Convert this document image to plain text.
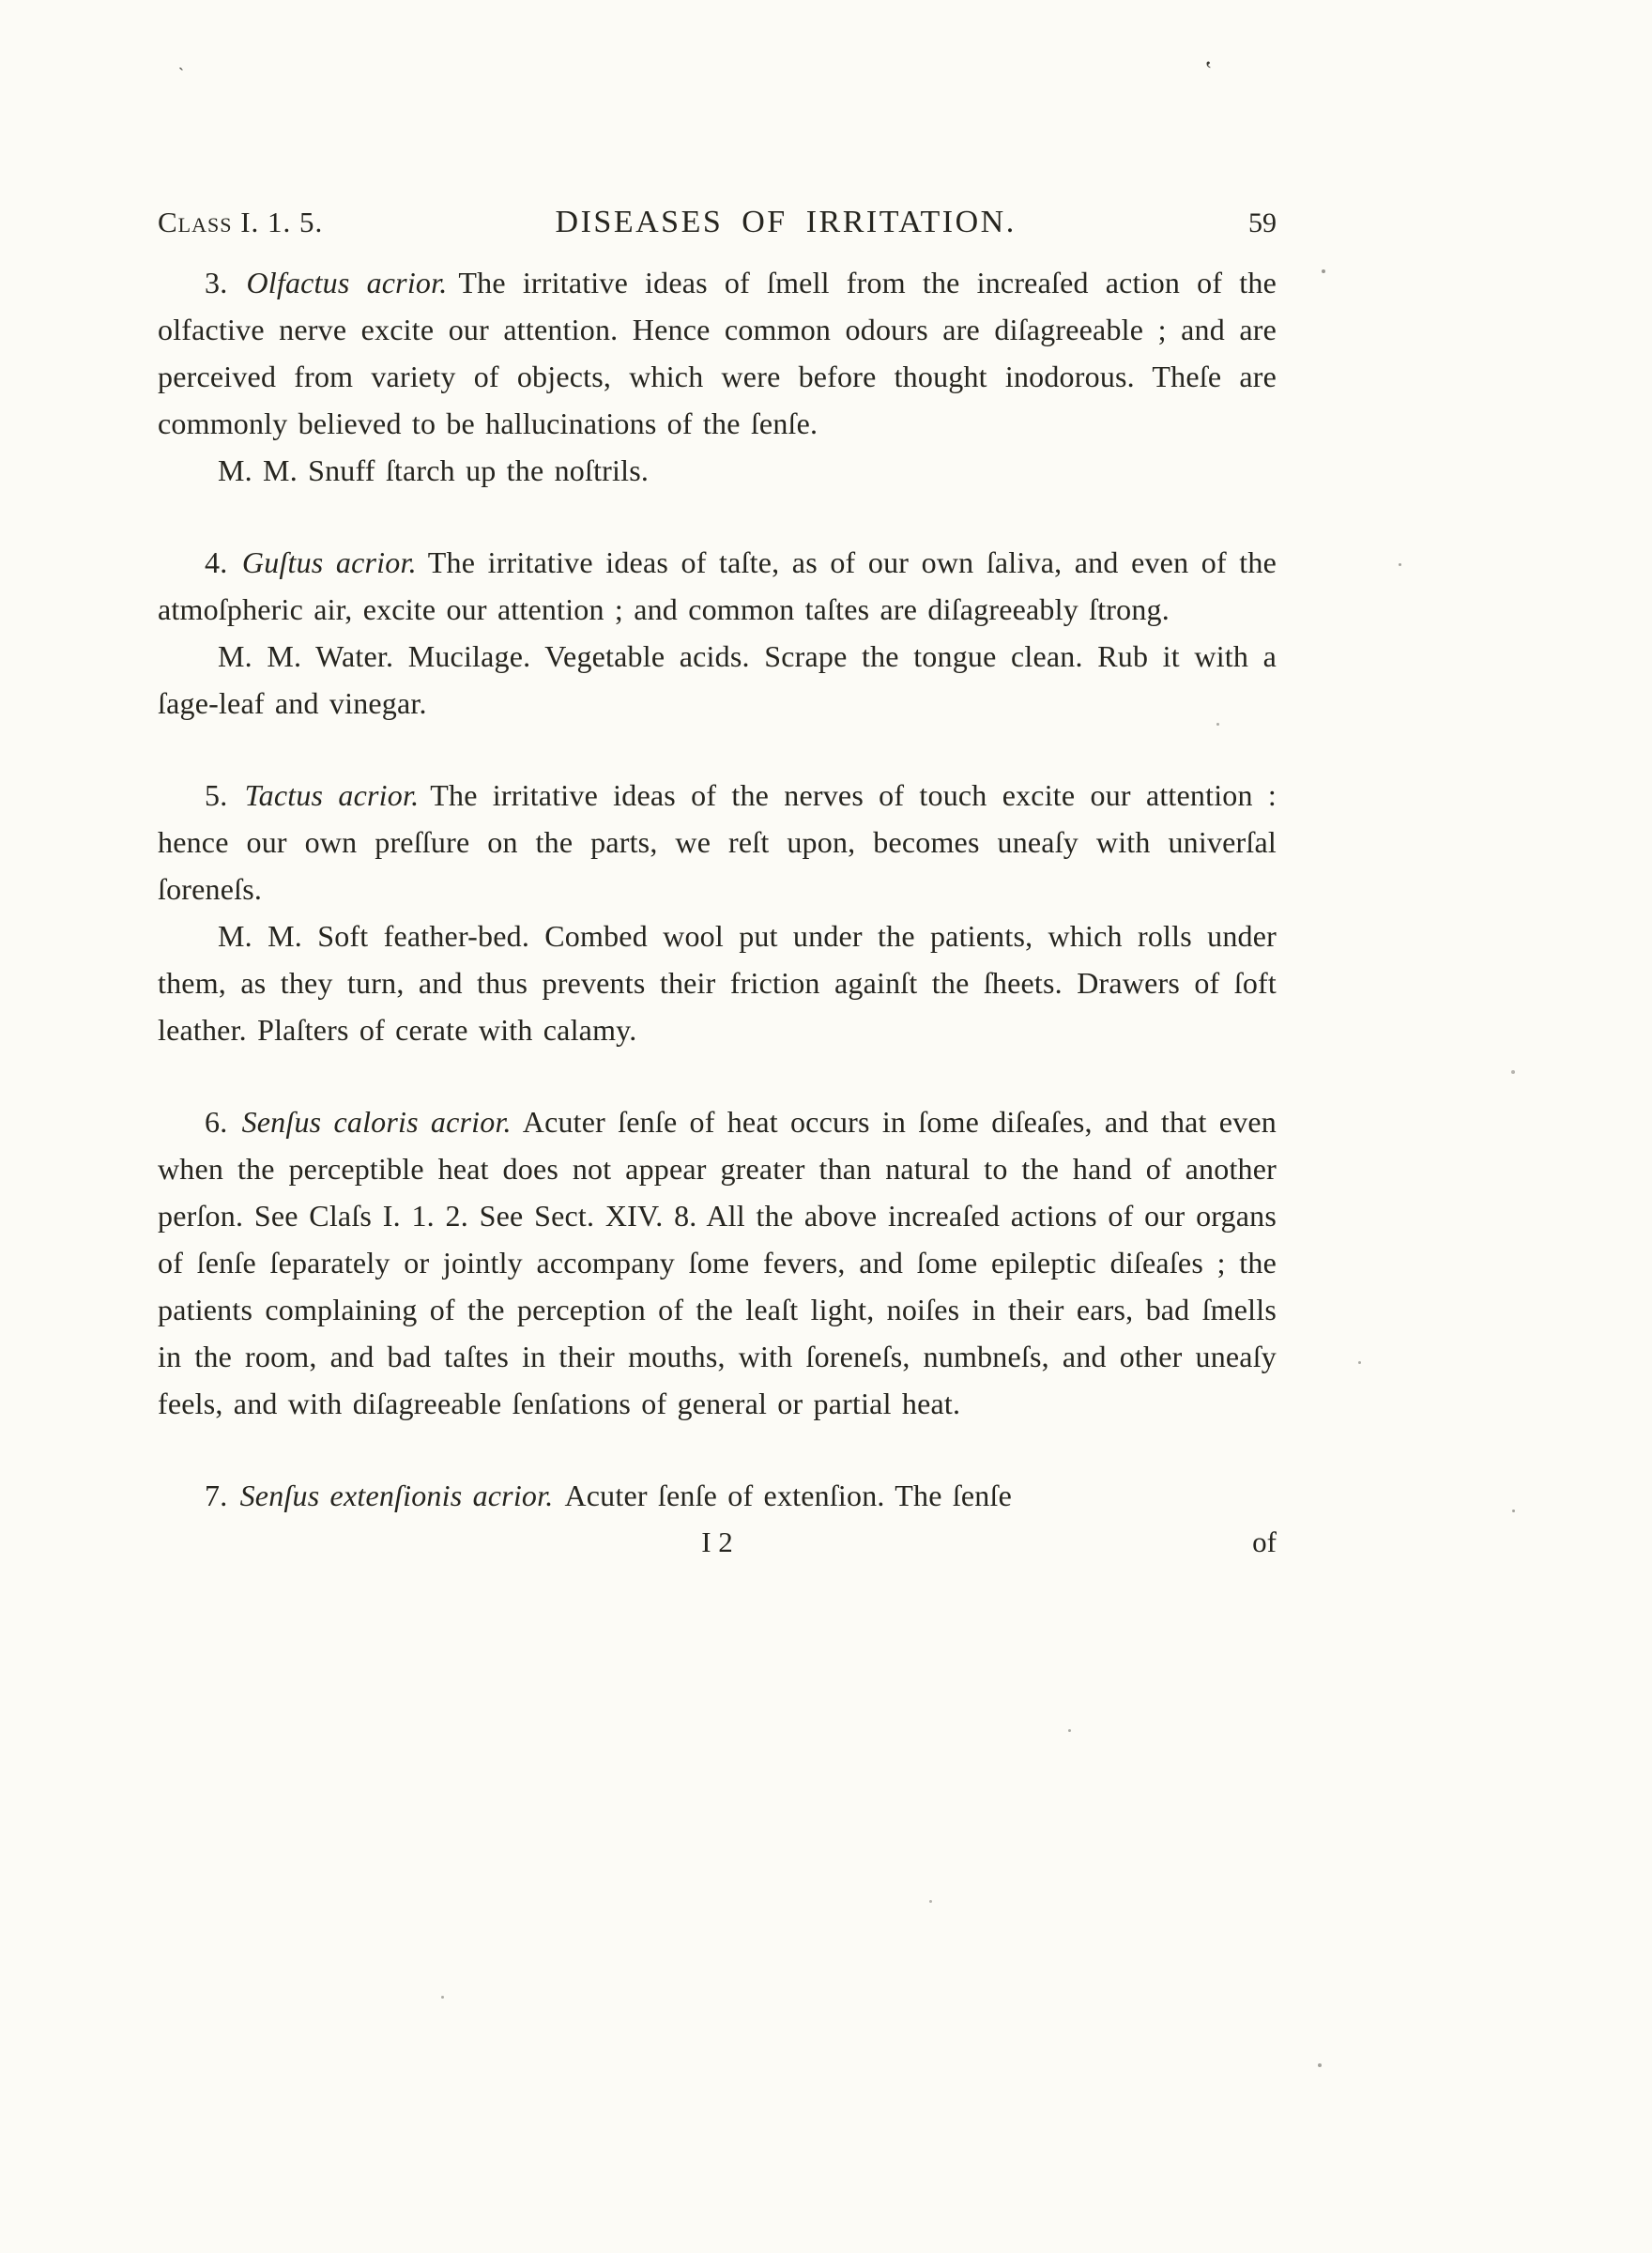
‛
`
Class I. 1. 5.	DISEASES OF IRRITATION.	59

3. Olfactus acrior. The irritative ideas of ſmell from the increaſed action of the olfactive nerve excite our attention. Hence common odours are diſagreeable ; and are perceived from variety of objects, which were before thought inodorous. Theſe are commonly believed to be hallucinations of the ſenſe.

M. M. Snuff ſtarch up the noſtrils.

4. Guſtus acrior. The irritative ideas of taſte, as of our own ſaliva, and even of the atmoſpheric air, excite our attention ; and common taſtes are diſagreeably ſtrong.

M. M. Water. Mucilage. Vegetable acids. Scrape the tongue clean. Rub it with a ſage-leaf and vinegar.

5. Tactus acrior. The irritative ideas of the nerves of touch excite our attention : hence our own preſſure on the parts, we reſt upon, becomes uneaſy with univerſal ſoreneſs.

M. M. Soft feather-bed. Combed wool put under the patients, which rolls under them, as they turn, and thus prevents their friction againſt the ſheets. Drawers of ſoft leather. Plaſters of cerate with calamy.

6. Senſus caloris acrior. Acuter ſenſe of heat occurs in ſome diſeaſes, and that even when the perceptible heat does not appear greater than natural to the hand of another perſon. See Claſs I. 1. 2. See Sect. XIV. 8. All the above increaſed actions of our organs of ſenſe ſeparately or jointly accompany ſome fevers, and ſome epileptic diſeaſes ; the patients complaining of the perception of the leaſt light, noiſes in their ears, bad ſmells in the room, and bad taſtes in their mouths, with ſoreneſs, numbneſs, and other uneaſy feels, and with diſagreeable ſenſations of general or partial heat.

7. Senſus extenſionis acrior. Acuter ſenſe of extenſion. The ſenſe

I 2	of
